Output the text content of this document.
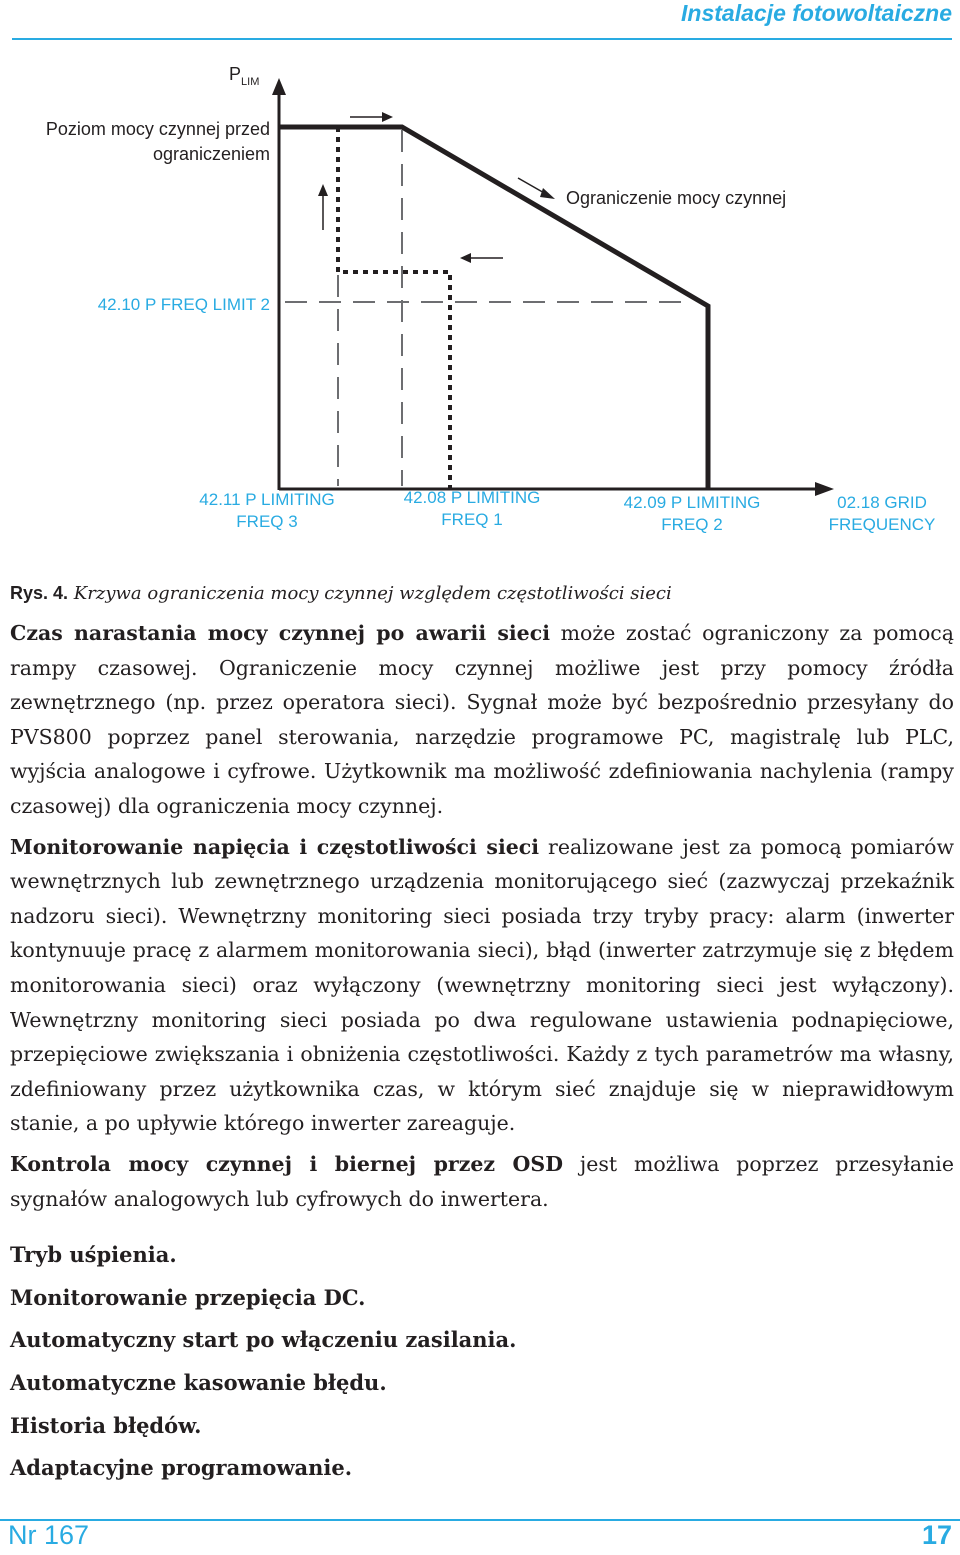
Instalacje fotowoltaiczne
$P_{LIM}$
Poziom mocy czynnej przed
ograniczeniem
Ograniczenie mocy czynnej
42.10 P FREQ LIMIT 2
42.11 P LIMITING
FREQ 3
42.08 P LIMITING
FREQ 1
42.09 P LIMITING
FREQ 2
02.18 GRID
FREQUENCY
Rys. 4. Krzywa ograniczenia mocy czynnej względem częstotliwości sieci

Czas narastania mocy czynnej po awarii sieci może zostać ograniczony za pomocą rampy czasowej. Ograniczenie mocy czynnej możliwe jest przy pomocy źródła zewnętrznego (np. przez operatora sieci). Sygnał może być bezpośrednio przesyłany do PVS800 poprzez panel sterowania, narzędzie programowe PC, magistralę lub PLC, wyjścia analogowe i cyfrowe. Użytkownik ma możliwość zdefiniowania nachylenia (rampy czasowej) dla ograniczenia mocy czynnej.

Monitorowanie napięcia i częstotliwości sieci realizowane jest za pomocą pomiarów wewnętrznych lub zewnętrznego urządzenia monitorującego sieć (zazwyczaj przekaźnik nadzoru sieci). Wewnętrzny monitoring sieci posiada trzy tryby pracy: alarm (inwerter kontynuuje pracę z alarmem monitorowania sieci), błąd (inwerter zatrzymuje się z błędem monitorowania sieci) oraz wyłączony (wewnętrzny monitoring sieci jest wyłączony). Wewnętrzny monitoring sieci posiada po dwa regulowane ustawienia podnapięciowe, przepięciowe zwiększania i obniżenia częstotliwości. Każdy z tych parametrów ma własny, zdefiniowany przez użytkownika czas, w którym sieć znajduje się w nieprawidłowym stanie, a po upływie którego inwerter zareaguje.

Kontrola mocy czynnej i biernej przez OSD jest możliwa poprzez przesyłanie sygnałów analogowych lub cyfrowych do inwertera.

Tryb uśpienia.
Monitorowanie przepięcia DC.
Automatyczny start po włączeniu zasilania.
Automatyczne kasowanie błędu.
Historia błędów.
Adaptacyjne programowanie.
Nr 167	17
